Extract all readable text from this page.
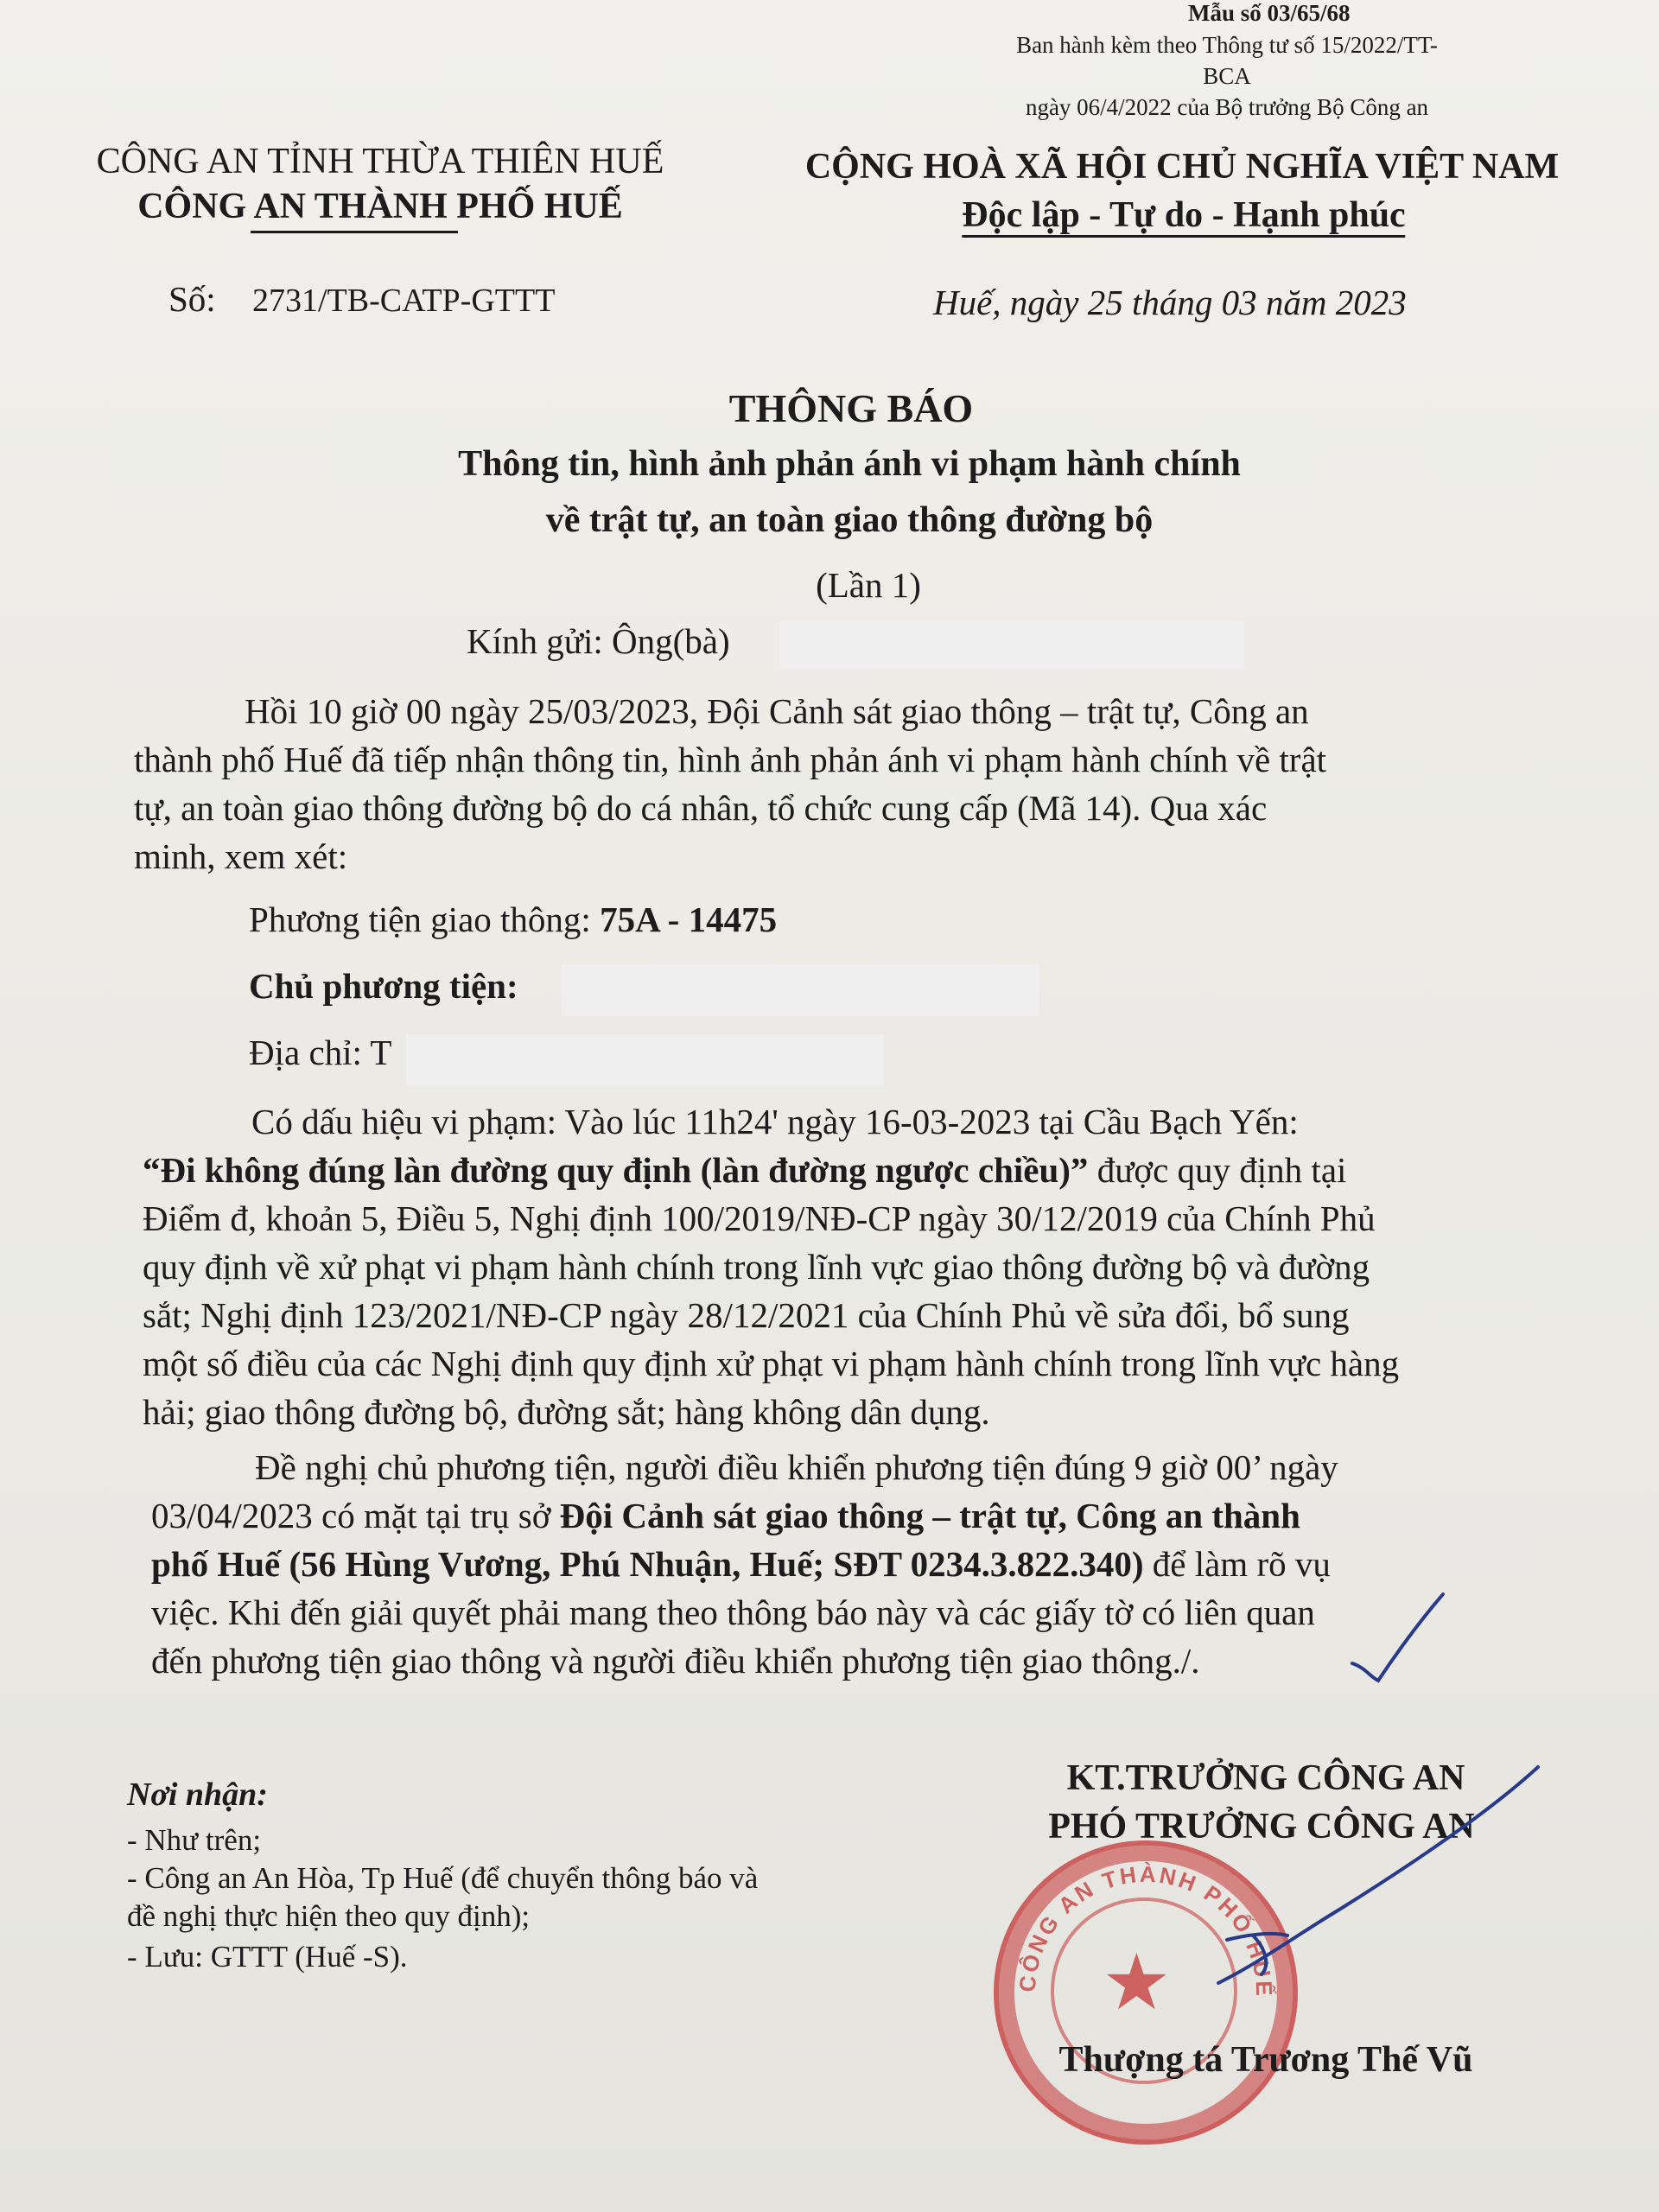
Mẫu số 03/65/68
Ban hành kèm theo Thông tư số 15/2022/TT-BCA
ngày 06/4/2022 của Bộ trưởng Bộ Công an
CÔNG AN TỈNH THỪA THIÊN HUẾ
CÔNG AN THÀNH PHỐ HUẾ
CỘNG HOÀ XÃ HỘI CHỦ NGHĨA VIỆT NAM
Độc lập - Tự do - Hạnh phúc
Số: 2731/TB-CATP-GTTT	Huế, ngày 25 tháng 03 năm 2023
THÔNG BÁO
Thông tin, hình ảnh phản ánh vi phạm hành chính
về trật tự, an toàn giao thông đường bộ
(Lần 1)
Kính gửi: Ông(bà)
Hồi 10 giờ 00 ngày 25/03/2023, Đội Cảnh sát giao thông – trật tự, Công an
thành phố Huế đã tiếp nhận thông tin, hình ảnh phản ánh vi phạm hành chính về trật
tự, an toàn giao thông đường bộ do cá nhân, tổ chức cung cấp (Mã 14). Qua xác
minh, xem xét:
Phương tiện giao thông: 75A - 14475
Chủ phương tiện:
Địa chỉ: T
Có dấu hiệu vi phạm: Vào lúc 11h24' ngày 16-03-2023 tại Cầu Bạch Yến:
“Đi không đúng làn đường quy định (làn đường ngược chiều)” được quy định tại
Điểm đ, khoản 5, Điều 5, Nghị định 100/2019/NĐ-CP ngày 30/12/2019 của Chính Phủ
quy định về xử phạt vi phạm hành chính trong lĩnh vực giao thông đường bộ và đường
sắt; Nghị định 123/2021/NĐ-CP ngày 28/12/2021 của Chính Phủ về sửa đổi, bổ sung
một số điều của các Nghị định quy định xử phạt vi phạm hành chính trong lĩnh vực hàng
hải; giao thông đường bộ, đường sắt; hàng không dân dụng.
Đề nghị chủ phương tiện, người điều khiển phương tiện đúng 9 giờ 00’ ngày
03/04/2023 có mặt tại trụ sở Đội Cảnh sát giao thông – trật tự, Công an thành
phố Huế (56 Hùng Vương, Phú Nhuận, Huế; SĐT 0234.3.822.340) để làm rõ vụ
việc. Khi đến giải quyết phải mang theo thông báo này và các giấy tờ có liên quan
đến phương tiện giao thông và người điều khiển phương tiện giao thông./.
Nơi nhận:
- Như trên;
- Công an An Hòa, Tp Huế (để chuyển thông báo và
đề nghị thực hiện theo quy định);
- Lưu: GTTT (Huế -S).
CÔNG AN THÀNH PHỐ HUẾ
★
KT.TRƯỞNG CÔNG AN
PHÓ TRƯỞNG CÔNG AN
Thượng tá Trương Thế Vũ
